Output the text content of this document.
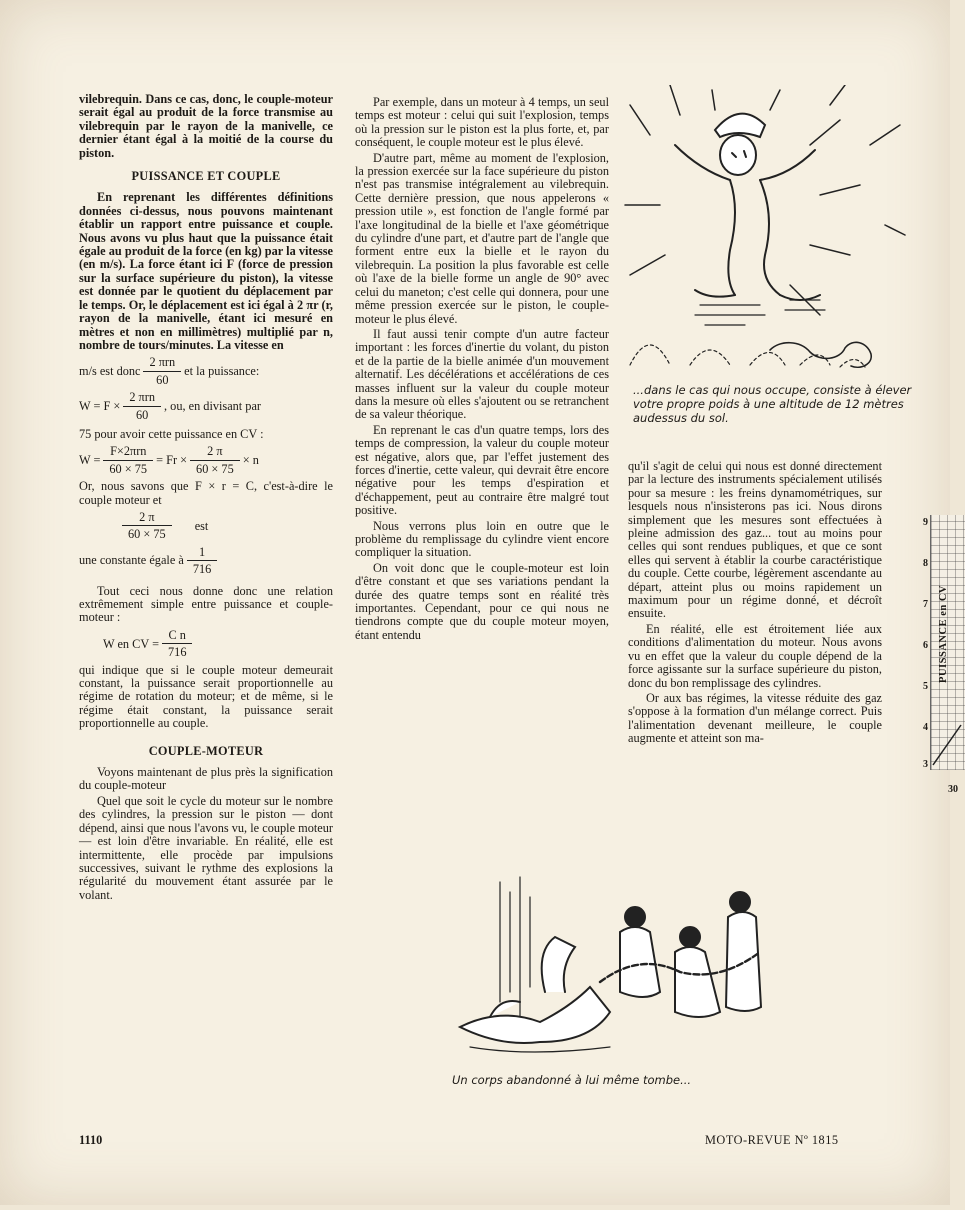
vilebrequin. Dans ce cas, donc, le couple-moteur serait égal au produit de la force transmise au vilebrequin par le rayon de la manivelle, ce dernier étant égal à la moitié de la course du piston.

PUISSANCE ET COUPLE

En reprenant les différentes définitions données ci-dessus, nous pouvons maintenant établir un rapport entre puissance et couple. Nous avons vu plus haut que la puissance était égale au produit de la force (en kg) par la vitesse (en m/s). La force étant ici F (force de pression sur la surface supérieure du piston), la vitesse est donnée par le quotient du déplacement par le temps. Or, le déplacement est ici égal à 2 πr (r, rayon de la manivelle, étant ici mesuré en mètres et non en millimètres) multiplié par n, nombre de tours/minutes. La vitesse en

m/s est donc $\frac{\text{2 πrn}}{60}$ et la puissance:
$W = F \times \frac{\text{2 πrn}}{60}$ , ou, en divisant par

75 pour avoir cette puissance en CV :

$W = \frac{\text{F×2πrn}}{60 \times 75} = Fr \times \frac{2 \pi}{60 \times 75} \times n$

Or, nous savons que F × r = C, c'est-à-dire le couple moteur et

$\frac{2 \pi}{60 \times 75}$ est
une constante égale à $\frac{1}{716}$

Tout ceci nous donne donc une relation extrêmement simple entre puissance et couple-moteur :

W en CV = $\frac{\text{C n}}{716}$

qui indique que si le couple moteur demeurait constant, la puissance serait proportionnelle au régime de rotation du moteur; et de même, si le régime était constant, la puissance serait proportionnelle au couple.

COUPLE-MOTEUR

Voyons maintenant de plus près la signification du couple-moteur

Quel que soit le cycle du moteur sur le nombre des cylindres, la pression sur le piston — dont dépend, ainsi que nous l'avons vu, le couple moteur — est loin d'être invariable. En réalité, elle est intermittente, elle procède par impulsions successives, suivant le rythme des explosions la régularité du mouvement étant assurée par le volant.

Par exemple, dans un moteur à 4 temps, un seul temps est moteur : celui qui suit l'explosion, temps où la pression sur le piston est la plus forte, et, par conséquent, le couple moteur est le plus élevé.

D'autre part, même au moment de l'explosion, la pression exercée sur la face supérieure du piston n'est pas transmise intégralement au vilebrequin. Cette dernière pression, que nous appelerons « pression utile », est fonction de l'angle formé par l'axe longitudinal de la bielle et l'axe géométrique du cylindre d'une part, et d'autre part de l'angle que forment entre eux la bielle et le rayon du vilebrequin. La position la plus favorable est celle où l'axe de la bielle forme un angle de 90° avec celui du maneton; c'est celle qui donnera, pour une même pression exercée sur le piston, le couple-moteur le plus élevé.

Il faut aussi tenir compte d'un autre facteur important : les forces d'inertie du volant, du piston et de la partie de la bielle animée d'un mouvement alternatif. Les décélérations et accélérations de ces masses influent sur la valeur du couple moteur dans la mesure où elles s'ajoutent ou se retranchent de sa valeur théorique.

En reprenant le cas d'un quatre temps, lors des temps de compression, la valeur du couple moteur est négative, alors que, par l'effet justement des forces d'inertie, cette valeur, qui devrait être encore négative pour les temps d'espiration et d'échappement, peut au contraire être malgré tout positive.

Nous verrons plus loin en outre que le problème du remplissage du cylindre vient encore compliquer la situation.

On voit donc que le couple-moteur est loin d'être constant et que ses variations pendant la durée des quatre temps sont en réalité très importantes. Cependant, pour ce qui nous ne tiendrons compte que du couple moteur moyen, étant entendu

qu'il s'agit de celui qui nous est donné directement par la lecture des instruments spécialement utilisés pour sa mesure : les freins dynamométriques, sur lesquels nous n'insisterons pas ici. Nous dirons simplement que les mesures sont effectuées à pleine admission des gaz... tout au moins pour celles qui sont rendues publiques, et que ce sont elles qui servent à établir la courbe caractéristique du couple. Cette courbe, légèrement ascendante au départ, atteint plus ou moins rapidement un maximum pour un régime donné, et décroît ensuite.

En réalité, elle est étroitement liée aux conditions d'alimentation du moteur. Nous avons vu en effet que la valeur du couple dépend de la force agissante sur la surface supérieure du piston, donc du bon remplissage des cylindres.

Or aux bas régimes, la vitesse réduite des gaz s'oppose à la formation d'un mélange correct. Puis l'alimentation devenant meilleure, le couple augmente et atteint son ma-

...dans le cas qui nous occupe, consiste à élever votre propre poids à une altitude de 12 mètres audessus du sol.
Un corps abandonné à lui même tombe...
9
8
7
6
5
4
3
PUISSANCE en CV
30
1110	MOTO-REVUE Nº 1815
